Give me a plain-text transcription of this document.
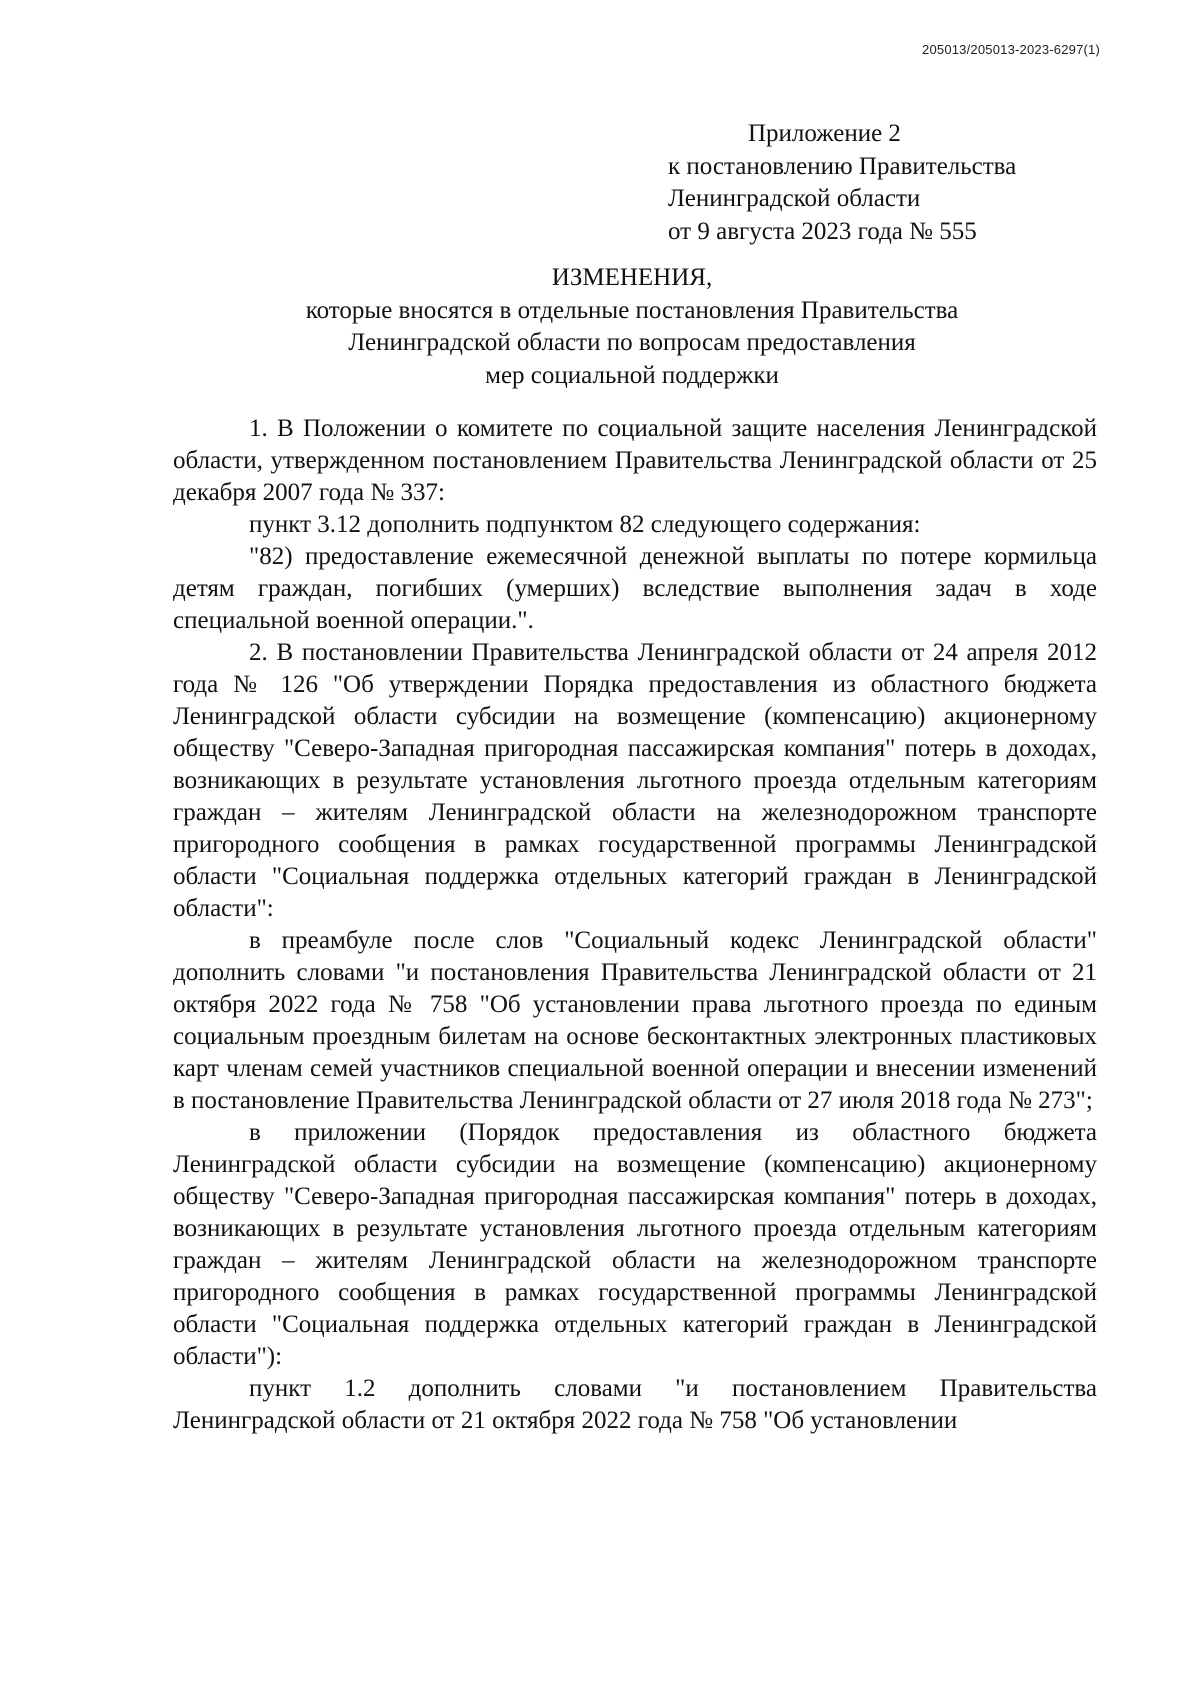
205013/205013-2023-6297(1)
Приложение 2
к постановлению Правительства
Ленинградской области
от 9 августа 2023 года № 555
ИЗМЕНЕНИЯ,
которые вносятся в отдельные постановления Правительства
Ленинградской области по вопросам предоставления
мер социальной поддержки

1. В Положении о комитете по социальной защите населения Ленинградской области, утвержденном постановлением Правительства Ленинградской области от 25 декабря 2007 года № 337:

пункт 3.12 дополнить подпунктом 82 следующего содержания:

"82) предоставление ежемесячной денежной выплаты по потере кормильца детям граждан, погибших (умерших) вследствие выполнения задач в ходе специальной военной операции.".

2. В постановлении Правительства Ленинградской области от 24 апреля 2012 года № 126 "Об утверждении Порядка предоставления из областного бюджета Ленинградской области субсидии на возмещение (компенсацию) акционерному обществу "Северо-Западная пригородная пассажирская компания" потерь в доходах, возникающих в результате установления льготного проезда отдельным категориям граждан – жителям Ленинградской области на железнодорожном транспорте пригородного сообщения в рамках государственной программы Ленинградской области "Социальная поддержка отдельных категорий граждан в Ленинградской области":

в преамбуле после слов "Социальный кодекс Ленинградской области" дополнить словами "и постановления Правительства Ленинградской области от 21 октября 2022 года № 758 "Об установлении права льготного проезда по единым социальным проездным билетам на основе бесконтактных электронных пластиковых карт членам семей участников специальной военной операции и внесении изменений в постановление Правительства Ленинградской области от 27 июля 2018 года № 273";

в приложении (Порядок предоставления из областного бюджета Ленинградской области субсидии на возмещение (компенсацию) акционерному обществу "Северо-Западная пригородная пассажирская компания" потерь в доходах, возникающих в результате установления льготного проезда отдельным категориям граждан – жителям Ленинградской области на железнодорожном транспорте пригородного сообщения в рамках государственной программы Ленинградской области "Социальная поддержка отдельных категорий граждан в Ленинградской области"):

пункт 1.2 дополнить словами "и постановлением Правительства Ленинградской области от 21 октября 2022 года № 758 "Об установлении
